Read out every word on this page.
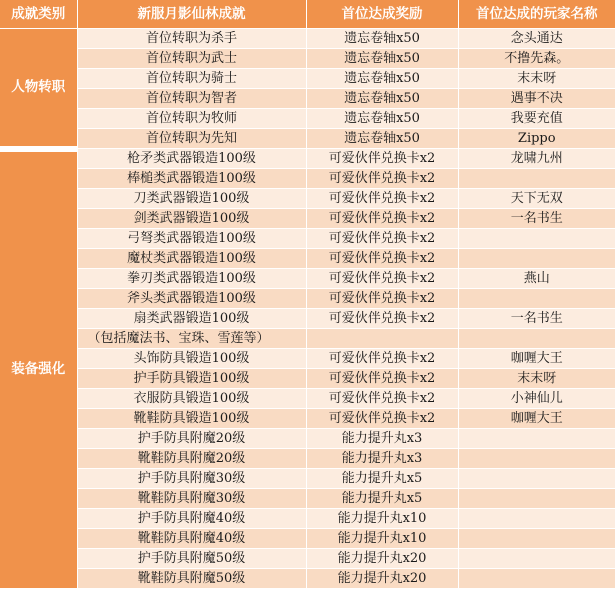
成就类别	新服月影仙林成就	首位达成奖励	首位达成的玩家名称
人物转职	首位转职为杀手	遗忘卷轴x50	念头通达
	首位转职为武士	遗忘卷轴x50	不撸先森。
	首位转职为骑士	遗忘卷轴x50	末末呀
	首位转职为智者	遗忘卷轴x50	遇事不决
	首位转职为牧师	遗忘卷轴x50	我要充值
	首位转职为先知	遗忘卷轴x50	Zippo
装备强化	枪矛类武器锻造100级	可爱伙伴兑换卡x2	龙啸九州
	棒槌类武器锻造100级	可爱伙伴兑换卡x2	
	刀类武器锻造100级	可爱伙伴兑换卡x2	天下无双
	剑类武器锻造100级	可爱伙伴兑换卡x2	一名书生
	弓弩类武器锻造100级	可爱伙伴兑换卡x2	
	魔杖类武器锻造100级	可爱伙伴兑换卡x2	
	拳刃类武器锻造100级	可爱伙伴兑换卡x2	燕山
	斧头类武器锻造100级	可爱伙伴兑换卡x2	
	扇类武器锻造100级	可爱伙伴兑换卡x2	一名书生
	（包括魔法书、宝珠、雪莲等）		
	头饰防具锻造100级	可爱伙伴兑换卡x2	咖喱大王
	护手防具锻造100级	可爱伙伴兑换卡x2	末末呀
	衣服防具锻造100级	可爱伙伴兑换卡x2	小神仙儿
	靴鞋防具锻造100级	可爱伙伴兑换卡x2	咖喱大王
	护手防具附魔20级	能力提升丸x3	
	靴鞋防具附魔20级	能力提升丸x3	
	护手防具附魔30级	能力提升丸x5	
	靴鞋防具附魔30级	能力提升丸x5	
	护手防具附魔40级	能力提升丸x10	
	靴鞋防具附魔40级	能力提升丸x10	
	护手防具附魔50级	能力提升丸x20	
	靴鞋防具附魔50级	能力提升丸x20	
